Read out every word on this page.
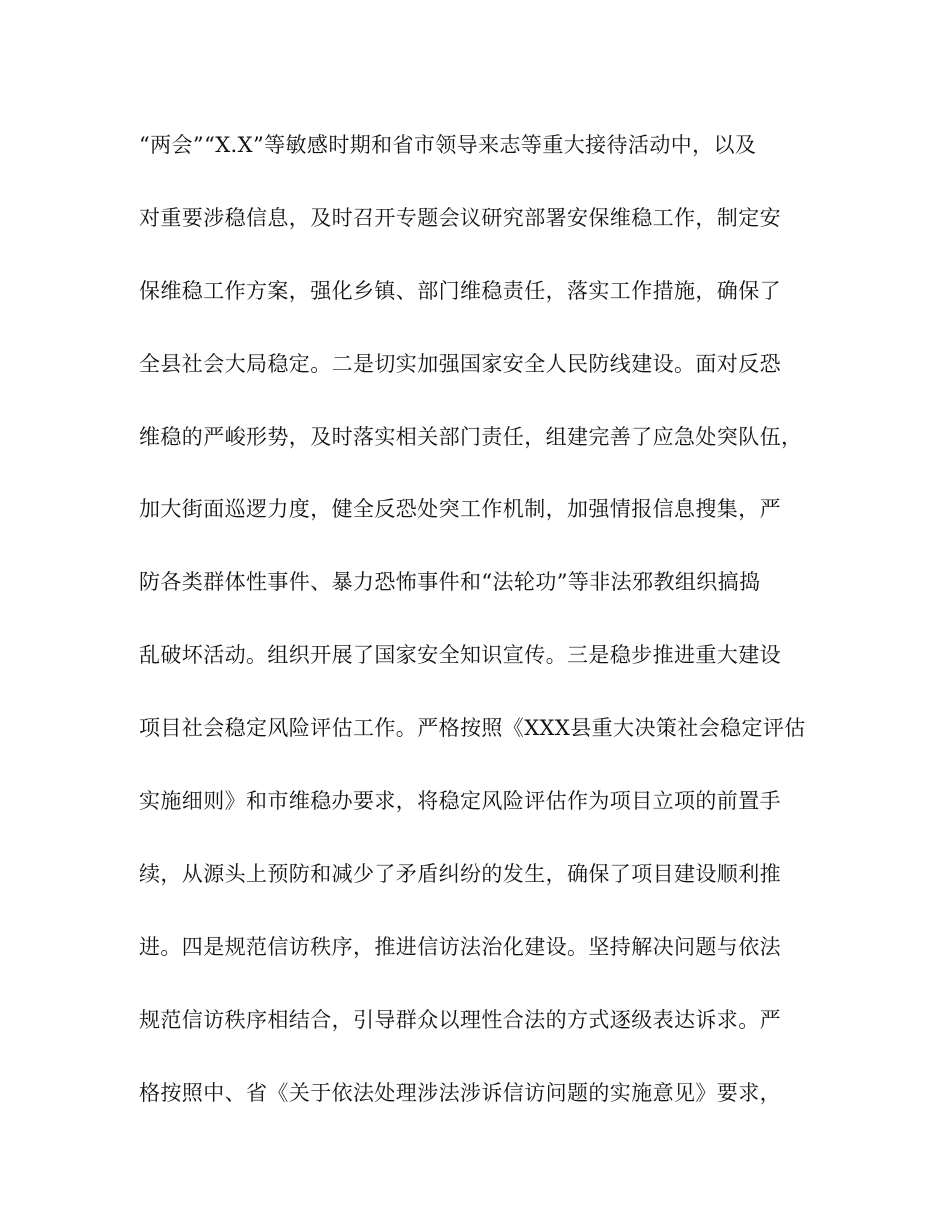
“两会”“X.X”等敏感时期和省市领导来志等重大接待活动中，以及
对重要涉稳信息，及时召开专题会议研究部署安保维稳工作，制定安
保维稳工作方案，强化乡镇、部门维稳责任，落实工作措施，确保了
全县社会大局稳定。二是切实加强国家安全人民防线建设。面对反恐
维稳的严峻形势，及时落实相关部门责任，组建完善了应急处突队伍，
加大街面巡逻力度，健全反恐处突工作机制，加强情报信息搜集，严
防各类群体性事件、暴力恐怖事件和“法轮功”等非法邪教组织搞捣
乱破坏活动。组织开展了国家安全知识宣传。三是稳步推进重大建设
项目社会稳定风险评估工作。严格按照《XXX县重大决策社会稳定评估
实施细则》和市维稳办要求，将稳定风险评估作为项目立项的前置手
续，从源头上预防和减少了矛盾纠纷的发生，确保了项目建设顺利推
进。四是规范信访秩序，推进信访法治化建设。坚持解决问题与依法
规范信访秩序相结合，引导群众以理性合法的方式逐级表达诉求。严
格按照中、省《关于依法处理涉法涉诉信访问题的实施意见》要求，
